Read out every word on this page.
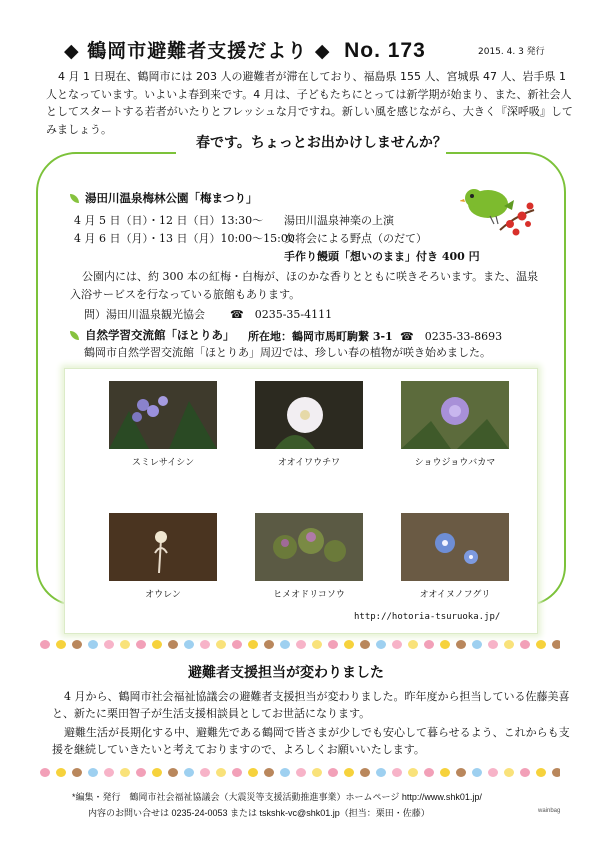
◆ 鶴岡市避難者支援だより ◆ No. 173	2015. 4. 3 発行
4 月 1 日現在、鶴岡市には 203 人の避難者が滞在しており、福島県 155 人、宮城県 47 人、岩手県 1 人となっています。いよいよ春到来です。4 月は、子どもたちにとっては新学期が始まり、また、新社会人としてスタートする若者がいたりとフレッシュな月ですね。新しい風を感じながら、大きく『深呼吸』してみましょう。
春です。ちょっとお出かけしませんか？
湯田川温泉梅林公園「梅まつり」
4 月 5 日（日）・12 日（日）13:30～ 湯田川温泉神楽の上演
4 月 6 日（月）・13 日（月）10:00～15:00
女将会による野点（のだて）
手作り饅頭「想いのまま」付き 400 円
公園内には、約 300 本の紅梅・白梅が、ほのかな香りとともに咲きそろいます。また、温泉入浴サービスを行なっている旅館もあります。
問）湯田川温泉観光協会 ☎　0235-35-4111
自然学習交流館「ほとりあ」 所在地：鶴岡市馬町駒繋 3-1 ☎　0235-33-8693
鶴岡市自然学習交流館「ほとりあ」周辺では、珍しい春の植物が咲き始めました。
スミレサイシン	オオイワウチワ	ショウジョウバカマ
オウレン	ヒメオドリコソウ	オオイヌノフグリ
http://hotoria-tsuruoka.jp/
避難者支援担当が変わりました
4 月から、鶴岡市社会福祉協議会の避難者支援担当が変わりました。昨年度から担当している佐藤美喜と、新たに栗田智子が生活支援相談員としてお世話になります。
避難生活が長期化する中、避難先である鶴岡で皆さまが少しでも安心して暮らせるよう、これからも支援を継続していきたいと考えておりますので、よろしくお願いいたします。
*編集・発行　鶴岡市社会福祉協議会（大震災等支援活動推進事業）ホームページ http://www.shk01.jp/
内容のお問い合せは 0235-24-0053 または tskshk-vc@shk01.jp（担当：栗田・佐藤）	wainbag
